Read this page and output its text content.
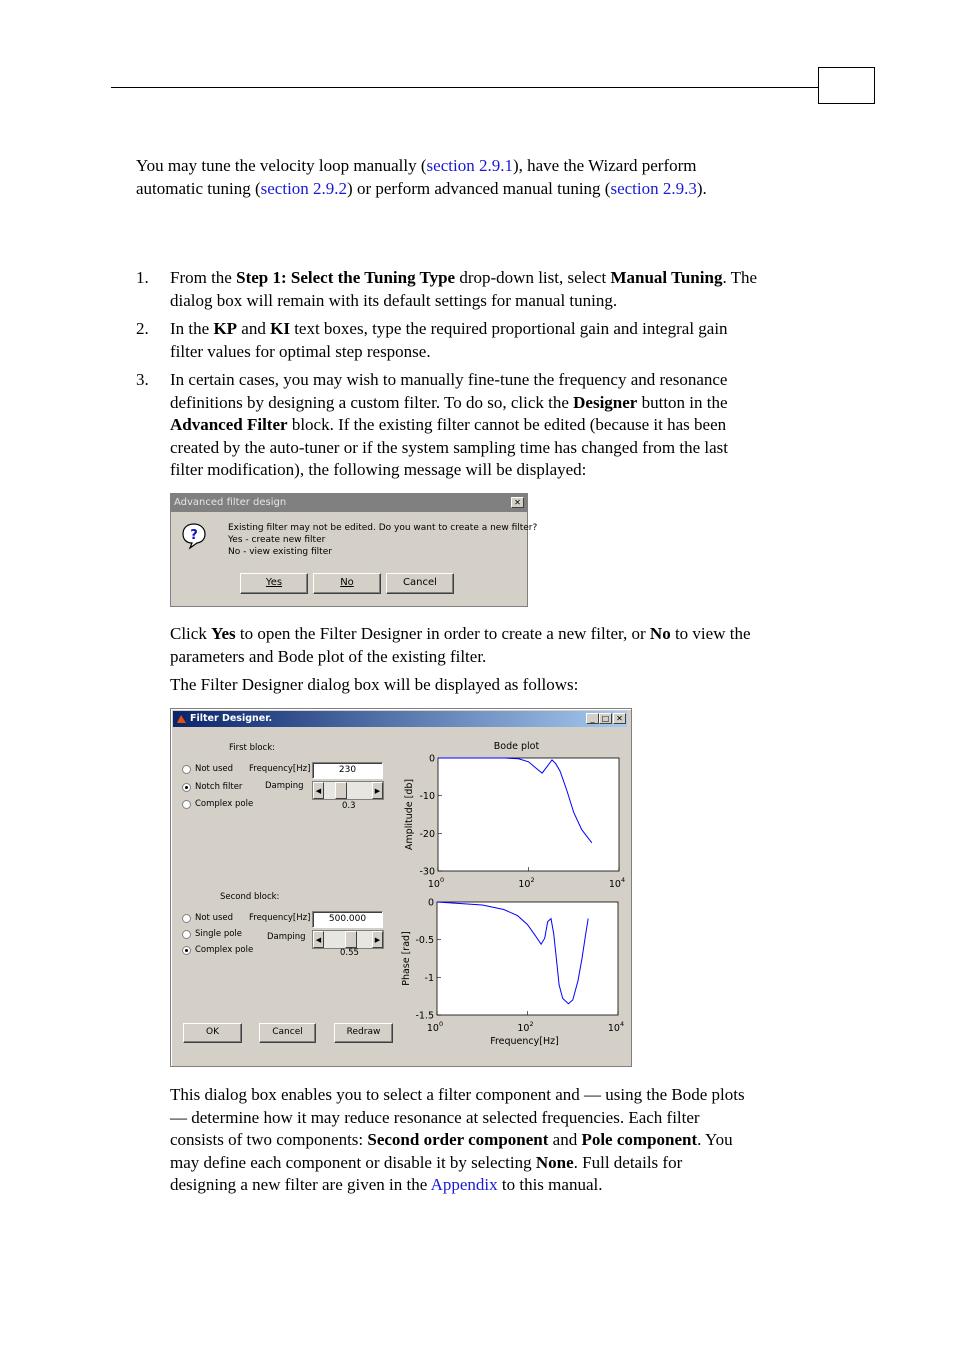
You may tune the velocity loop manually (section 2.9.1), have the Wizard perform
automatic tuning (section 2.9.2) or perform advanced manual tuning (section 2.9.3).
1.	From the Step 1: Select the Tuning Type drop-down list, select Manual Tuning. The
dialog box will remain with its default settings for manual tuning.
2.	In the KP and KI text boxes, type the required proportional gain and integral gain
filter values for optimal step response.
3.	In certain cases, you may wish to manually fine-tune the frequency and resonance
definitions by designing a custom filter. To do so, click the Designer button in the
Advanced Filter block. If the existing filter cannot be edited (because it has been
created by the auto-tuner or if the system sampling time has changed from the last
filter modification), the following message will be displayed:
Advanced filter design	✕
?	Existing filter may not be edited. Do you want to create a new filter?
Yes - create new filter
No - view existing filter
Yes	No	Cancel
Click Yes to open the Filter Designer in order to create a new filter, or No to view the
parameters and Bode plot of the existing filter.
The Filter Designer dialog box will be displayed as follows:
Filter Designer.	_ □ ✕
First block:
Not used
Notch filter
Complex pole
Frequency[Hz]	230
Damping	◀	▶
0.3
Second block:
Not used
Single pole
Complex pole
Frequency[Hz]	500.000
Damping	◀	▶
0.55
OK	Cancel	Redraw
0
-10
-20
-30
$10^0$	$10^2$	$10^4$
Bode plot
Amplitude [db]
0
-0.5
-1
-1.5
$10^0$	$10^2$	$10^4$
Phase [rad]
Frequency[Hz]
This dialog box enables you to select a filter component and — using the Bode plots
— determine how it may reduce resonance at selected frequencies. Each filter
consists of two components: Second order component and Pole component. You
may define each component or disable it by selecting None. Full details for
designing a new filter are given in the Appendix to this manual.
